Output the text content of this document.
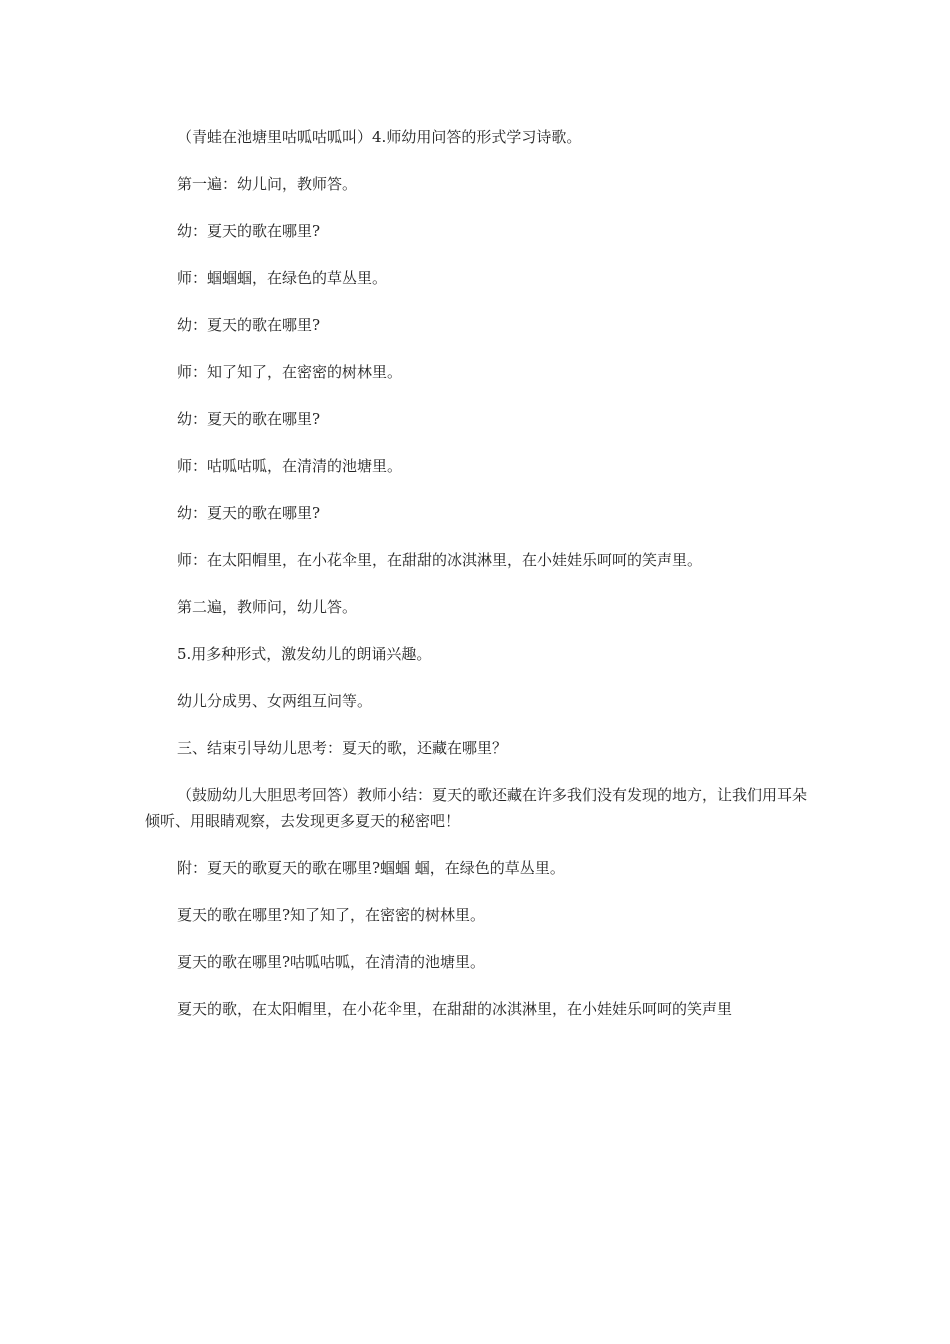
（青蛙在池塘里咕呱咕呱叫）4.师幼用问答的形式学习诗歌。

第一遍：幼儿问，教师答。

幼：夏天的歌在哪里?

师：蝈蝈蝈，在绿色的草丛里。

幼：夏天的歌在哪里?

师：知了知了，在密密的树林里。

幼：夏天的歌在哪里?

师：咕呱咕呱，在清清的池塘里。

幼：夏天的歌在哪里?

师：在太阳帽里，在小花伞里，在甜甜的冰淇淋里，在小娃娃乐呵呵的笑声里。

第二遍，教师问，幼儿答。

5.用多种形式，激发幼儿的朗诵兴趣。

幼儿分成男、女两组互问等。

三、结束引导幼儿思考：夏天的歌，还藏在哪里？

（鼓励幼儿大胆思考回答）教师小结：夏天的歌还藏在许多我们没有发现的地方，让我们用耳朵倾听、用眼睛观察，去发现更多夏天的秘密吧！

附：夏天的歌夏天的歌在哪里?蝈蝈 蝈，在绿色的草丛里。

夏天的歌在哪里?知了知了，在密密的树林里。

夏天的歌在哪里?咕呱咕呱，在清清的池塘里。

夏天的歌，在太阳帽里，在小花伞里，在甜甜的冰淇淋里，在小娃娃乐呵呵的笑声里
